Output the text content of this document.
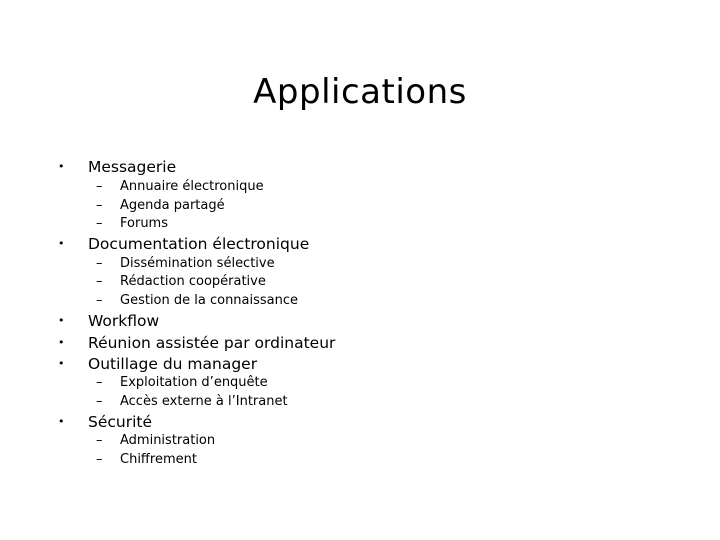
Applications
• Messagerie
– Annuaire électronique
– Agenda partagé
– Forums
• Documentation électronique
– Dissémination sélective
– Rédaction coopérative
– Gestion de la connaissance
• Workflow
• Réunion assistée par ordinateur
• Outillage du manager
– Exploitation d’enquête
– Accès externe à l’Intranet
• Sécurité
– Administration
– Chiffrement
